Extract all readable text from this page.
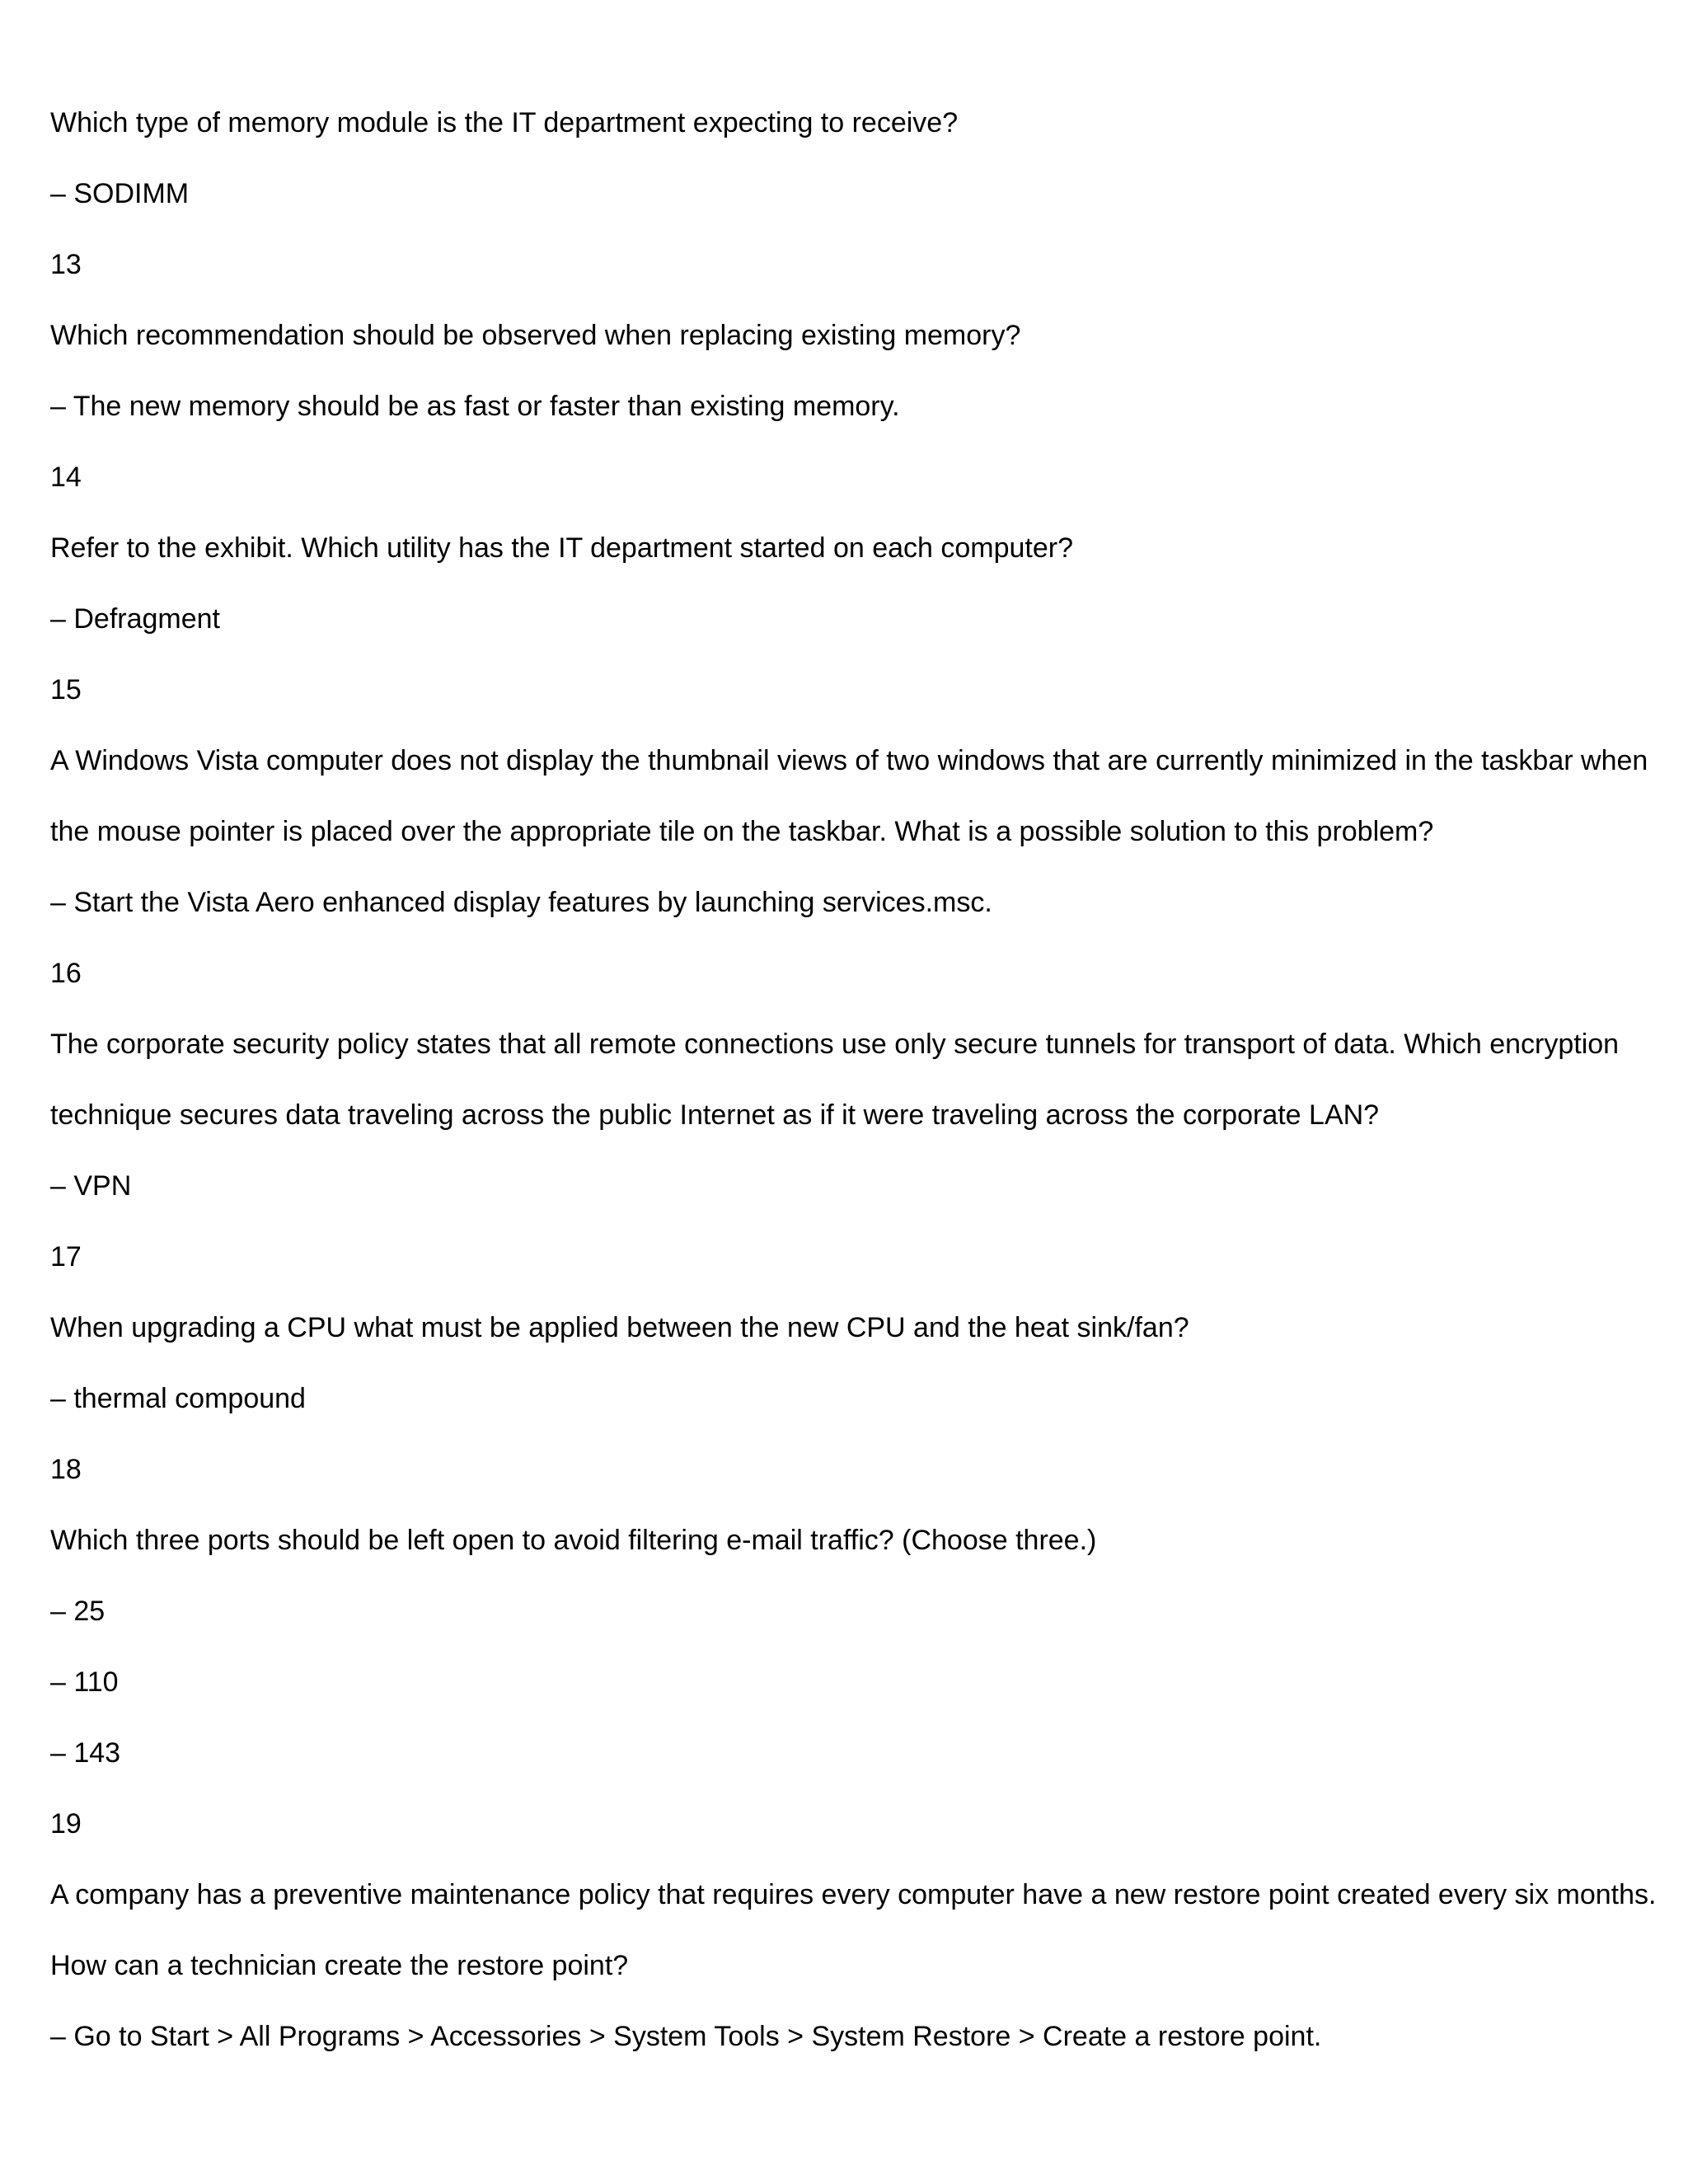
Which type of memory module is the IT department expecting to receive?
– SODIMM
13
Which recommendation should be observed when replacing existing memory?
– The new memory should be as fast or faster than existing memory.
14
Refer to the exhibit. Which utility has the IT department started on each computer?
– Defragment
15
A Windows Vista computer does not display the thumbnail views of two windows that are currently minimized in the taskbar when
the mouse pointer is placed over the appropriate tile on the taskbar. What is a possible solution to this problem?
– Start the Vista Aero enhanced display features by launching services.msc.
16
The corporate security policy states that all remote connections use only secure tunnels for transport of data. Which encryption
technique secures data traveling across the public Internet as if it were traveling across the corporate LAN?
– VPN
17
When upgrading a CPU what must be applied between the new CPU and the heat sink/fan?
– thermal compound
18
Which three ports should be left open to avoid filtering e-mail traffic? (Choose three.)
– 25
– 110
– 143
19
A company has a preventive maintenance policy that requires every computer have a new restore point created every six months.
How can a technician create the restore point?
– Go to Start > All Programs > Accessories > System Tools > System Restore > Create a restore point.
